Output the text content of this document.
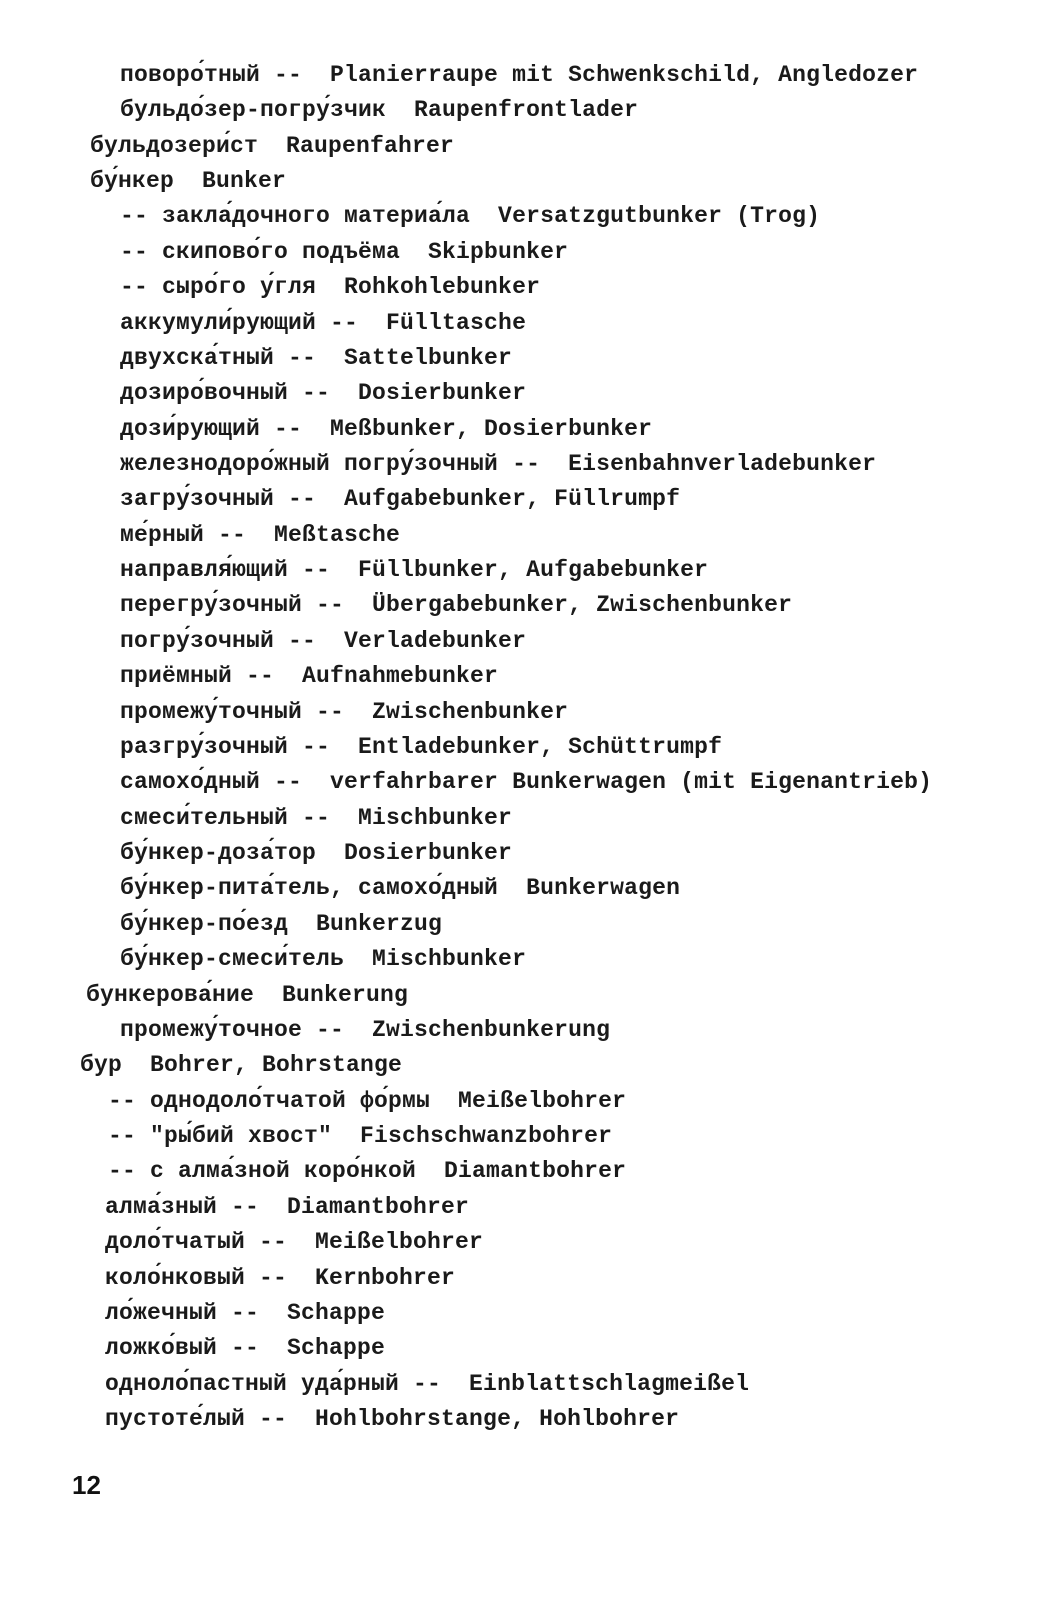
поворо́тный --  Planierraupe mit Schwenkschild, Angledozer
бульдо́зер-погру́зчик  Raupenfrontlader
бульдозери́ст  Raupenfahrer
бу́нкер  Bunker
-- закла́дочного материа́ла  Versatzgutbunker (Trog)
-- скипово́го подъёма  Skipbunker
-- сыро́го у́гля  Rohkohlebunker
аккумули́рующий --  Fülltasche
двухска́тный --  Sattelbunker
дозиро́вочный --  Dosierbunker
дози́рующий --  Meßbunker, Dosierbunker
железнодоро́жный погру́зочный --  Eisenbahnverladebunker
загру́зочный --  Aufgabebunker, Füllrumpf
ме́рный --  Meßtasche
направля́ющий --  Füllbunker, Aufgabebunker
перегру́зочный --  Übergabebunker, Zwischenbunker
погру́зочный --  Verladebunker
приёмный --  Aufnahmebunker
промежу́точный --  Zwischenbunker
разгру́зочный --  Entladebunker, Schüttrumpf
самохо́дный --  verfahrbarer Bunkerwagen (mit Eigenantrieb)
смеси́тельный --  Mischbunker
бу́нкер-доза́тор  Dosierbunker
бу́нкер-пита́тель, самохо́дный  Bunkerwagen
бу́нкер-по́езд  Bunkerzug
бу́нкер-смеси́тель  Mischbunker
бункерова́ние  Bunkerung
промежу́точное --  Zwischenbunkerung
бур  Bohrer, Bohrstange
-- однодоло́тчатой фо́рмы  Meißelbohrer
-- "ры́бий хвост"  Fischschwanzbohrer
-- с алма́зной коро́нкой  Diamantbohrer
алма́зный --  Diamantbohrer
доло́тчатый --  Meißelbohrer
коло́нковый --  Kernbohrer
ло́жечный --  Schappe
ложко́вый --  Schappe
одноло́пастный уда́рный --  Einblattschlagmeißel
пустоте́лый --  Hohlbohrstange, Hohlbohrer
12
